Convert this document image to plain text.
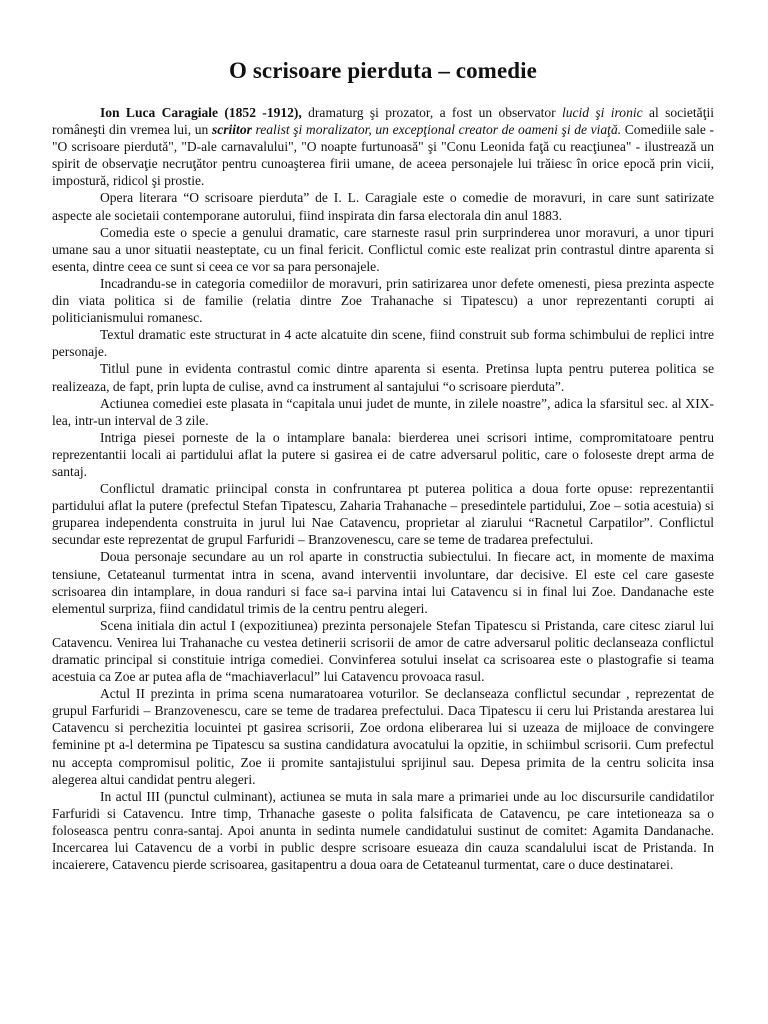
O scrisoare pierduta – comedie

Ion Luca Caragiale (1852 -1912), dramaturg şi prozator, a fost un observator lucid şi ironic al societăţii româneşti din vremea lui, un scriitor realist şi moralizator, un excepţional creator de oameni şi de viaţă. Comediile sale - "O scrisoare pierdută", "D-ale carnavalului", "O noapte furtunoasă" şi "Conu Leonida faţă cu reacţiunea" - ilustrează un spirit de observaţie necruţător pentru cunoaşterea firii umane, de aceea personajele lui trăiesc în orice epocă prin vicii, impostură, ridicol şi prostie.

Opera literara “O scrisoare pierduta” de I. L. Caragiale este o comedie de moravuri, in care sunt satirizate aspecte ale societaii contemporane autorului, fiind inspirata din farsa electorala din anul 1883.

Comedia este o specie a genului dramatic, care starneste rasul prin surprinderea unor moravuri, a unor tipuri umane sau a unor situatii neasteptate, cu un final fericit. Conflictul comic este realizat prin contrastul dintre aparenta si esenta, dintre ceea ce sunt si ceea ce vor sa para personajele.

Incadrandu-se in categoria comediilor de moravuri, prin satirizarea unor defete omenesti, piesa prezinta aspecte din viata politica si de familie (relatia dintre Zoe Trahanache si Tipatescu) a unor reprezentanti corupti ai politicianismului romanesc.

Textul dramatic este structurat in 4 acte alcatuite din scene, fiind construit sub forma schimbului de replici intre personaje.

Titlul pune in evidenta contrastul comic dintre aparenta si esenta. Pretinsa lupta pentru puterea politica se realizeaza, de fapt, prin lupta de culise, avnd ca instrument al santajului “o scrisoare pierduta”.

Actiunea comediei este plasata in “capitala unui judet de munte, in zilele noastre”, adica la sfarsitul sec. al XIX-lea, intr-un interval de 3 zile.

Intriga piesei porneste de la o intamplare banala: bierderea unei scrisori intime, compromitatoare pentru reprezentantii locali ai partidului aflat la putere si gasirea ei de catre adversarul politic, care o foloseste drept arma de santaj.

Conflictul dramatic priincipal consta in confruntarea pt puterea politica a doua forte opuse: reprezentantii partidului aflat la putere (prefectul Stefan Tipatescu, Zaharia Trahanache – presedintele partidului, Zoe – sotia acestuia) si gruparea independenta construita in jurul lui Nae Catavencu, proprietar al ziarului “Racnetul Carpatilor”. Conflictul secundar este reprezentat de grupul Farfuridi – Branzovenescu, care se teme de tradarea prefectului.

Doua personaje secundare au un rol aparte in constructia subiectului. In fiecare act, in momente de maxima tensiune, Cetateanul turmentat intra in scena, avand interventii involuntare, dar decisive. El este cel care gaseste scrisoarea din intamplare, in doua randuri si face sa-i parvina intai lui Catavencu si in final lui Zoe. Dandanache este elementul surpriza, fiind candidatul trimis de la centru pentru alegeri.

Scena initiala din actul I (expozitiunea) prezinta personajele Stefan Tipatescu si Pristanda, care citesc ziarul lui Catavencu. Venirea lui Trahanache cu vestea detinerii scrisorii de amor de catre adversarul politic declanseaza conflictul dramatic principal si constituie intriga comediei. Convinferea sotului inselat ca scrisoarea este o plastografie si teama acestuia ca Zoe ar putea afla de “machiaverlacul” lui Catavencu provoaca rasul.

Actul II prezinta in prima scena numaratoarea voturilor. Se declanseaza conflictul secundar , reprezentat de grupul Farfuridi – Branzovenescu, care se teme de tradarea prefectului. Daca Tipatescu ii ceru lui Pristanda arestarea lui Catavencu si perchezitia locuintei pt gasirea scrisorii, Zoe ordona eliberarea lui si uzeaza de mijloace de convingere feminine pt a-l determina pe Tipatescu sa sustina candidatura avocatului la opzitie, in schiimbul scrisorii. Cum prefectul nu accepta compromisul politic, Zoe ii promite santajistului sprijinul sau. Depesa primita de la centru solicita insa alegerea altui candidat pentru alegeri.

In actul III (punctul culminant), actiunea se muta in sala mare a primariei unde au loc discursurile candidatilor Farfuridi si Catavencu. Intre timp, Trhanache gaseste o polita falsificata de Catavencu, pe care intetioneaza sa o foloseasca pentru conra-santaj. Apoi anunta in sedinta numele candidatului sustinut de comitet: Agamita Dandanache. Incercarea lui Catavencu de a vorbi in public despre scrisoare esueaza din cauza scandalului iscat de Pristanda. In incaierere, Catavencu pierde scrisoarea, gasitapentru a doua oara de Cetateanul turmentat, care o duce destinatarei.
